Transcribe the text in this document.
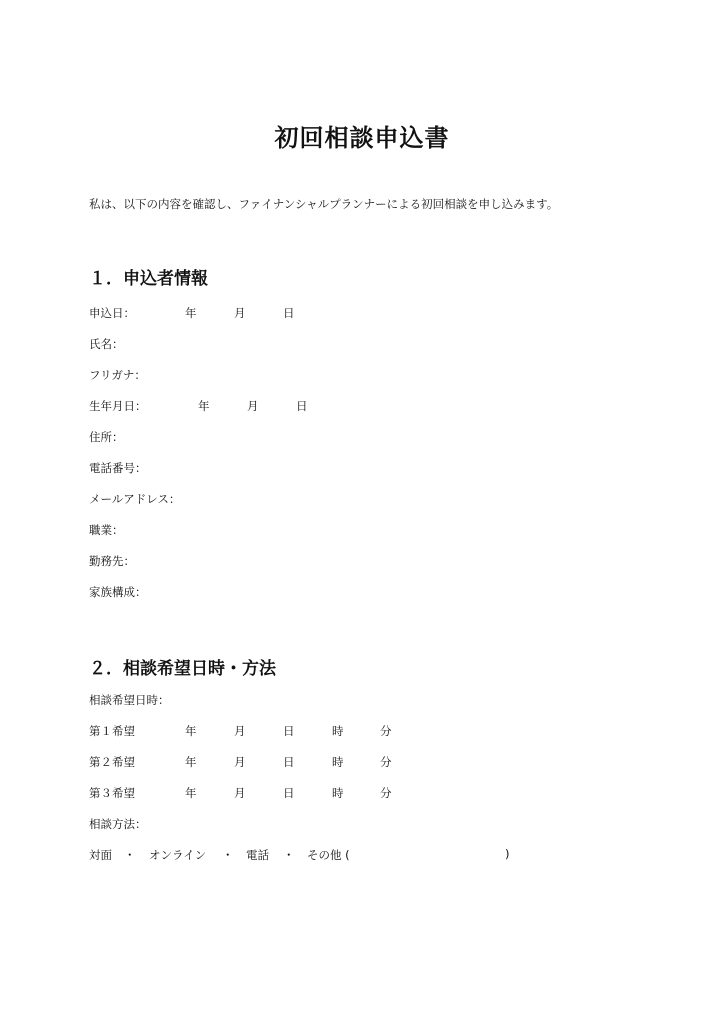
初回相談申込書
私は、以下の内容を確認し、ファイナンシャルプランナーによる初回相談を申し込みます。
１．申込者情報
申込日：	年	月	日
氏名：
フリガナ：
生年月日：	年	月	日
住所：
電話番号：
メールアドレス：
職業：
勤務先：
家族構成：
２．相談希望日時・方法
相談希望日時：
第１希望	年	月	日	時	分
第２希望	年	月	日	時	分
第３希望	年	月	日	時	分
相談方法：
対面 ・ オンライン ・ 電話 ・ その他 (	)
